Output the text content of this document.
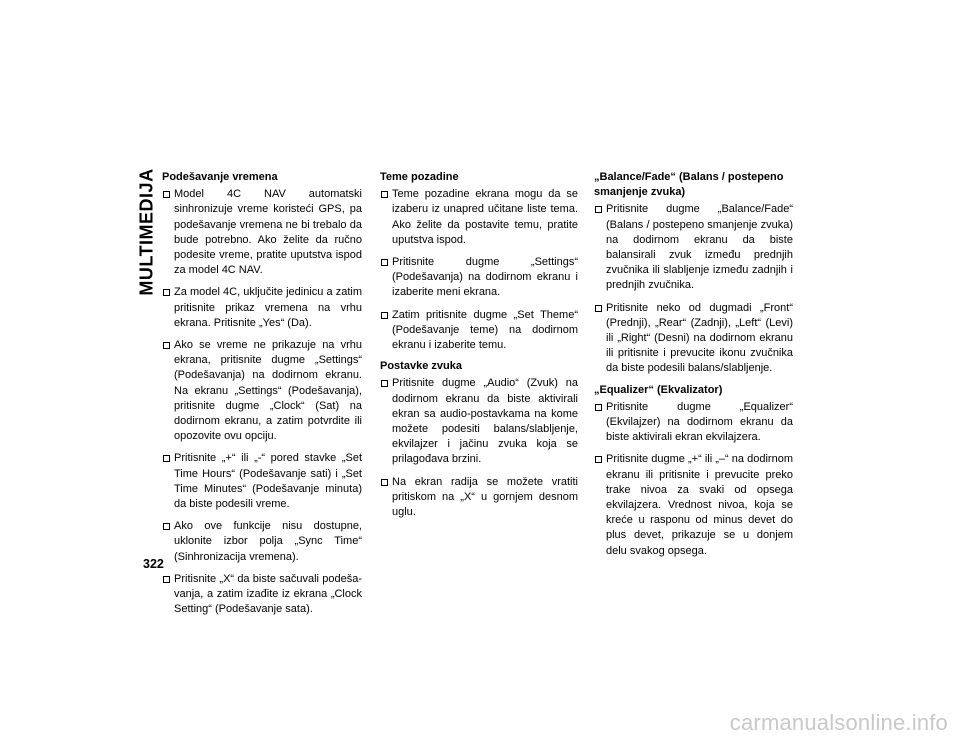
MULTIMEDIJA Podešavanje vremena
Model 4C NAV automatski sinhronizuje vreme koristeći GPS, pa podešavanje vremena ne bi trebalo da bude potrebno. Ako želite da ručno podesite vreme, pratite uputstva ispod za model 4C NAV.
Za model 4C, uključite jedinicu a zatim pritisnite prikaz vremena na vrhu ekrana. Pritisnite „Yes“ (Da).
Ako se vreme ne prikazuje na vrhu ekrana, pritisnite dugme „Settings“ (Podešavanja) na dodirnom ekranu. Na ekranu „Settings“ (Podešavanja), pritisnite dugme „Clock“ (Sat) na dodirnom ekranu, a zatim potvrdite ili opozovite ovu opciju.
Pritisnite „+“ ili „-“ pored stavke „Set Time Hours“ (Podešavanje sati) i „Set Time Minutes“ (Podešavanje minuta) da biste podesili vreme.
Ako ove funkcije nisu dostupne, uklonite izbor polja „Sync Time“ (Sinhronizacija vremena).
Pritisnite „X“ da biste sačuvali podeša-vanja, a zatim izađite iz ekrana „Clock Setting“ (Podešavanje sata).
Teme pozadine
Teme pozadine ekrana mogu da se izaberu iz unapred učitane liste tema. Ako želite da postavite temu, pratite uputstva ispod.
Pritisnite dugme „Settings“ (Podešavanja) na dodirnom ekranu i izaberite meni ekrana.
Zatim pritisnite dugme „Set Theme“ (Podešavanje teme) na dodirnom ekranu i izaberite temu.
Postavke zvuka
Pritisnite dugme „Audio“ (Zvuk) na dodirnom ekranu da biste aktivirali ekran sa audio-postavkama na kome možete podesiti balans/slabljenje, ekvilajzer i jačinu zvuka koja se prilagođava brzini.
Na ekran radija se možete vratiti pritiskom na „X“ u gornjem desnom uglu.
„Balance/Fade“ (Balans / postepeno smanjenje zvuka)
Pritisnite dugme „Balance/Fade“ (Balans / postepeno smanjenje zvuka) na dodirnom ekranu da biste balansirali zvuk između prednjih zvučnika ili slabljenje između zadnjih i prednjih zvučnika.
Pritisnite neko od dugmadi „Front“ (Prednji), „Rear“ (Zadnji), „Left“ (Levi) ili „Right“ (Desni) na dodirnom ekranu ili pritisnite i prevucite ikonu zvučnika da biste podesili balans/slabljenje.
„Equalizer“ (Ekvalizator)
Pritisnite dugme „Equalizer“ (Ekvilajzer) na dodirnom ekranu da biste aktivirali ekran ekvilajzera.
Pritisnite dugme „+“ ili „–“ na dodirnom ekranu ili pritisnite i prevucite preko trake nivoa za svaki od opsega ekvilajzera. Vrednost nivoa, koja se kreće u rasponu od minus devet do plus devet, prikazuje se u donjem delu svakog opsega.
322
carmanualsonline.info
